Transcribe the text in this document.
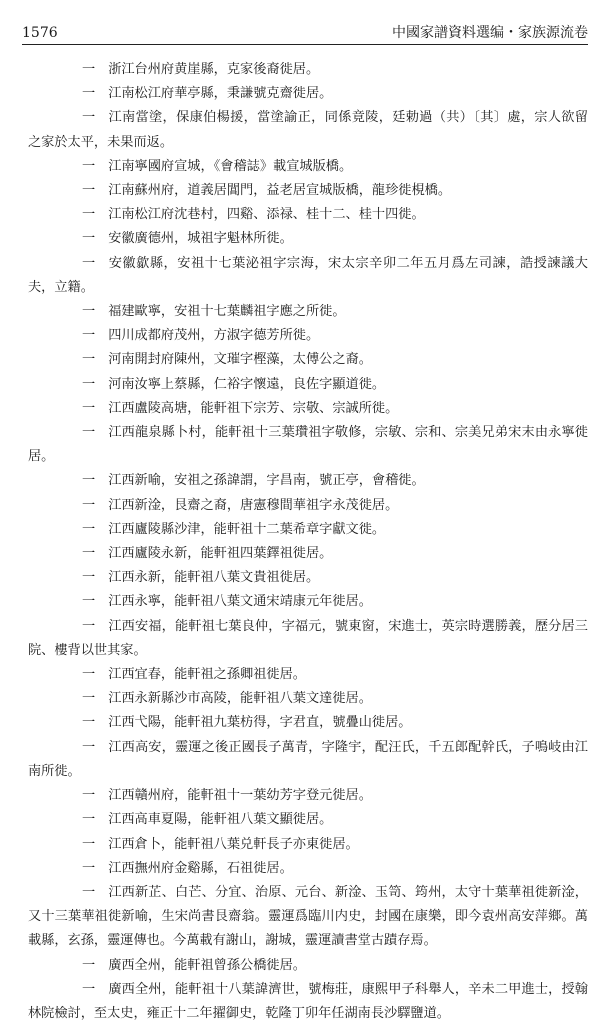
1576	中國家譜資料選编・家族源流卷

一 浙江台州府黄崖縣，克家後裔徙居。

一 江南松江府華亭縣，秉謙號克齋徙居。

一 江南當塗，保康伯楊援，當塗諭正，同係竟陵，廷勅過（共）〔其〕處，宗人欲留之家於太平，未果而返。

一 江南寧國府宣城，《會稽誌》載宣城版橋。

一 江南蘇州府，道義居閶門，益老居宣城版橋，龍珍徙梘橋。

一 江南松江府沈巷村，四谿、添禄、桂十二、桂十四徙。

一 安徽廣德州，城祖字魁林所徙。

一 安徽歙縣，安祖十七葉泌祖字宗海，宋太宗辛卯二年五月爲左司諫，誥授諫議大夫，立籍。

一 福建歐寧，安祖十七葉麟祖字應之所徙。

一 四川成都府茂州，方淑字德芳所徙。

一 河南開封府陳州，文璀字樫藻，太傅公之裔。

一 河南汝寧上蔡縣，仁裕字懷遠，良佐字顯道徙。

一 江西盧陵高塘，能軒祖下宗芳、宗敬、宗誠所徙。

一 江西龍泉縣卜村，能軒祖十三葉瓚祖字敬修，宗敏、宗和、宗美兄弟宋末由永寧徙居。

一 江西新喻，安祖之孫諱謂，字昌南，號正亭，會稽徙。

一 江西新淦，艮齋之裔，唐憲穆間華祖字永茂徙居。

一 江西廬陵縣沙津，能軒祖十二葉希章字獻文徙。

一 江西廬陵永新，能軒祖四葉鐸祖徙居。

一 江西永新，能軒祖八葉文貴祖徙居。

一 江西永寧，能軒祖八葉文通宋靖康元年徙居。

一 江西安福，能軒祖七葉良仲，字福元，號東窗，宋進士，英宗時選勝義，歷分居三院、樓背以世其家。

一 江西宜春，能軒祖之孫卿祖徙居。

一 江西永新縣沙市高陵，能軒祖八葉文達徙居。

一 江西弋陽，能軒祖九葉枋得，字君直，號疊山徙居。

一 江西高安，靈運之後正國長子萬青，字隆宇，配汪氏，千五郎配幹氏，子鳴岐由江南所徙。

一 江西贛州府，能軒祖十一葉幼芳字登元徙居。

一 江西高車夏陽，能軒祖八葉文顯徙居。

一 江西倉卜，能軒祖八葉兑軒長子亦東徙居。

一 江西撫州府金谿縣，石祖徙居。

一 江西新芷、白芒、分宜、治原、元台、新淦、玉笥、筠州，太守十葉華祖徙新淦，又十三葉華祖徙新喻，生宋尚書艮齋翁。靈運爲臨川内史，封國在康樂，即今袁州高安萍鄉。萬載縣，玄孫，靈運傳也。今萬載有謝山，謝城，靈運讀書堂古蹟存焉。

一 廣西全州，能軒祖曾孫公橋徙居。

一 廣西全州，能軒祖十八葉諱濟世，號梅莊，康熙甲子科舉人，辛未二甲進士，授翰林院檢討，至太史，雍正十二年擢御史，乾隆丁卯年任湖南長沙驛鹽道。
